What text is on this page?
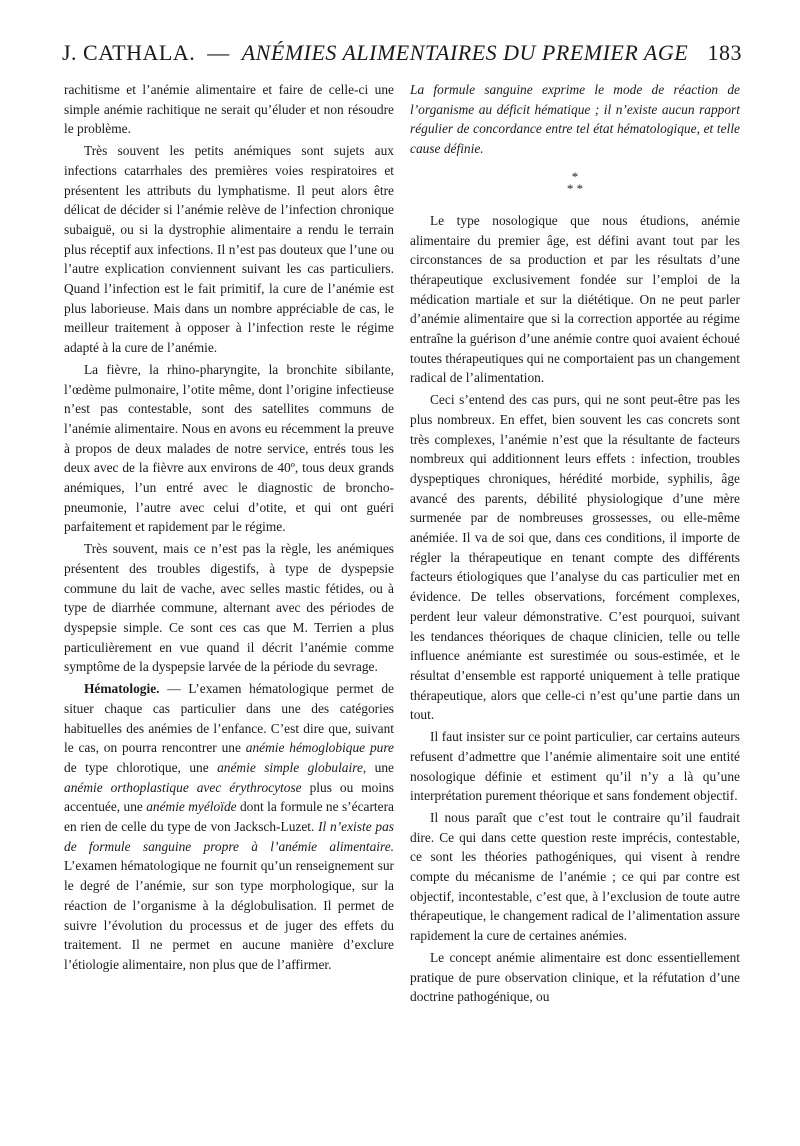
J. CATHALA. — ANÉMIES ALIMENTAIRES DU PREMIER AGE 183

rachitisme et l’anémie alimentaire et faire de celle-ci une simple anémie rachitique ne serait qu’éluder et non résoudre le problème.

Très souvent les petits anémiques sont sujets aux infections catarrhales des premières voies respiratoires et présentent les attributs du lymphatisme. Il peut alors être délicat de décider si l’anémie relève de l’infection chronique subaiguë, ou si la dystrophie alimentaire a rendu le terrain plus réceptif aux infections. Il n’est pas douteux que l’une ou l’autre explication conviennent suivant les cas particuliers. Quand l’infection est le fait primitif, la cure de l’anémie est plus laborieuse. Mais dans un nombre appréciable de cas, le meilleur traitement à opposer à l’infection reste le régime adapté à la cure de l’anémie.

La fièvre, la rhino-pharyngite, la bronchite sibilante, l’œdème pulmonaire, l’otite même, dont l’origine infectieuse n’est pas contestable, sont des satellites communs de l’anémie alimentaire. Nous en avons eu récemment la preuve à propos de deux malades de notre service, entrés tous les deux avec de la fièvre aux environs de 40º, tous deux grands anémiques, l’un entré avec le diagnostic de broncho-pneumonie, l’autre avec celui d’otite, et qui ont guéri parfaitement et rapidement par le régime.

Très souvent, mais ce n’est pas la règle, les anémiques présentent des troubles digestifs, à type de dyspepsie commune du lait de vache, avec selles mastic fétides, ou à type de diarrhée commune, alternant avec des périodes de dyspepsie simple. Ce sont ces cas que M. Terrien a plus particulièrement en vue quand il décrit l’anémie comme symptôme de la dyspepsie larvée de la période du sevrage.

Hématologie. — L’examen hématologique permet de situer chaque cas particulier dans une des catégories habituelles des anémies de l’enfance. C’est dire que, suivant le cas, on pourra rencontrer une anémie hémoglobique pure de type chlorotique, une anémie simple globulaire, une anémie orthoplastique avec érythrocytose plus ou moins accentuée, une anémie myéloïde dont la formule ne s’écartera en rien de celle du type de von Jacksch-Luzet. Il n’existe pas de formule sanguine propre à l’anémie alimentaire. L’examen hématologique ne fournit qu’un renseignement sur le degré de l’anémie, sur son type morphologique, sur la réaction de l’organisme à la déglobulisation. Il permet de suivre l’évolution du processus et de juger des effets du traitement. Il ne permet en aucune manière d’exclure l’étiologie alimentaire, non plus que de l’affirmer.

La formule sanguine exprime le mode de réaction de l’organisme au déficit hématique ; il n’existe aucun rapport régulier de concordance entre tel état hématologique, et telle cause définie.

*
* *

Le type nosologique que nous étudions, anémie alimentaire du premier âge, est défini avant tout par les circonstances de sa production et par les résultats d’une thérapeutique exclusivement fondée sur l’emploi de la médication martiale et sur la diététique. On ne peut parler d’anémie alimentaire que si la correction apportée au régime entraîne la guérison d’une anémie contre quoi avaient échoué toutes thérapeutiques qui ne comportaient pas un changement radical de l’alimentation.

Ceci s’entend des cas purs, qui ne sont peut-être pas les plus nombreux. En effet, bien souvent les cas concrets sont très complexes, l’anémie n’est que la résultante de facteurs nombreux qui additionnent leurs effets : infection, troubles dyspeptiques chroniques, hérédité morbide, syphilis, âge avancé des parents, débilité physiologique d’une mère surmenée par de nombreuses grossesses, ou elle-même anémiée. Il va de soi que, dans ces conditions, il importe de régler la thérapeutique en tenant compte des différents facteurs étiologiques que l’analyse du cas particulier met en évidence. De telles observations, forcément complexes, perdent leur valeur démonstrative. C’est pourquoi, suivant les tendances théoriques de chaque clinicien, telle ou telle influence anémiante est surestimée ou sous-estimée, et le résultat d’ensemble est rapporté uniquement à telle pratique thérapeutique, alors que celle-ci n’est qu’une partie dans un tout.

Il faut insister sur ce point particulier, car certains auteurs refusent d’admettre que l’anémie alimentaire soit une entité nosologique définie et estiment qu’il n’y a là qu’une interprétation purement théorique et sans fondement objectif.

Il nous paraît que c’est tout le contraire qu’il faudrait dire. Ce qui dans cette question reste imprécis, contestable, ce sont les théories pathogéniques, qui visent à rendre compte du mécanisme de l’anémie ; ce qui par contre est objectif, incontestable, c’est que, à l’exclusion de toute autre thérapeutique, le changement radical de l’alimentation assure rapidement la cure de certaines anémies.

Le concept anémie alimentaire est donc essentiellement pratique de pure observation clinique, et la réfutation d’une doctrine pathogénique, ou
